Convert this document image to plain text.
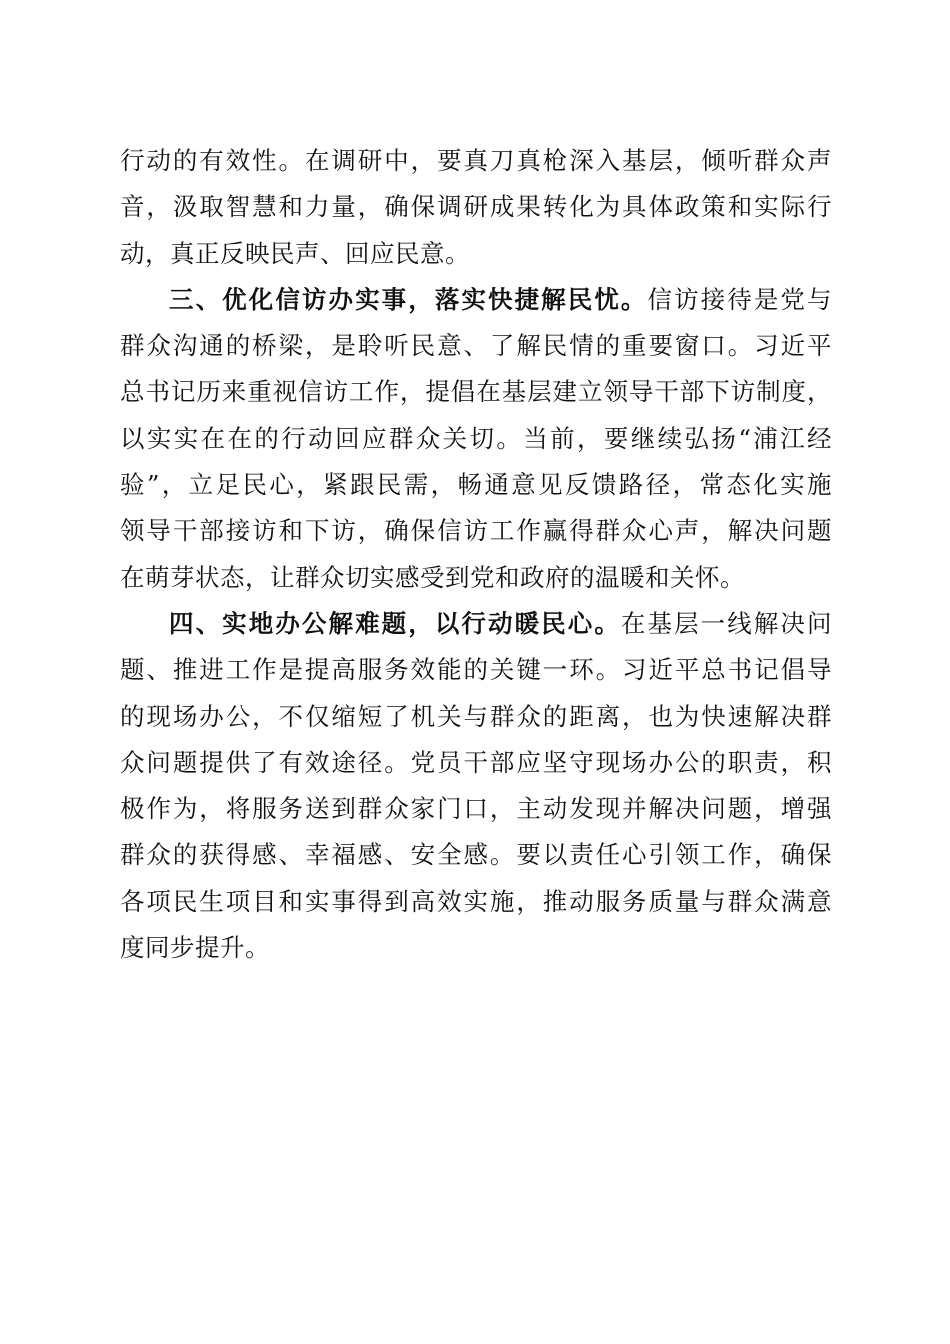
行动的有效性。在调研中，要真刀真枪深入基层，倾听群众声
音，汲取智慧和力量，确保调研成果转化为具体政策和实际行
动，真正反映民声、回应民意。
三、优化信访办实事，落实快捷解民忧。信访接待是党与
群众沟通的桥梁，是聆听民意、了解民情的重要窗口。习近平
总书记历来重视信访工作，提倡在基层建立领导干部下访制度，
以实实在在的行动回应群众关切。当前，要继续弘扬“浦江经
验”，立足民心，紧跟民需，畅通意见反馈路径，常态化实施
领导干部接访和下访，确保信访工作赢得群众心声，解决问题
在萌芽状态，让群众切实感受到党和政府的温暖和关怀。
四、实地办公解难题，以行动暖民心。在基层一线解决问
题、推进工作是提高服务效能的关键一环。习近平总书记倡导
的现场办公，不仅缩短了机关与群众的距离，也为快速解决群
众问题提供了有效途径。党员干部应坚守现场办公的职责，积
极作为，将服务送到群众家门口，主动发现并解决问题，增强
群众的获得感、幸福感、安全感。要以责任心引领工作，确保
各项民生项目和实事得到高效实施，推动服务质量与群众满意
度同步提升。
